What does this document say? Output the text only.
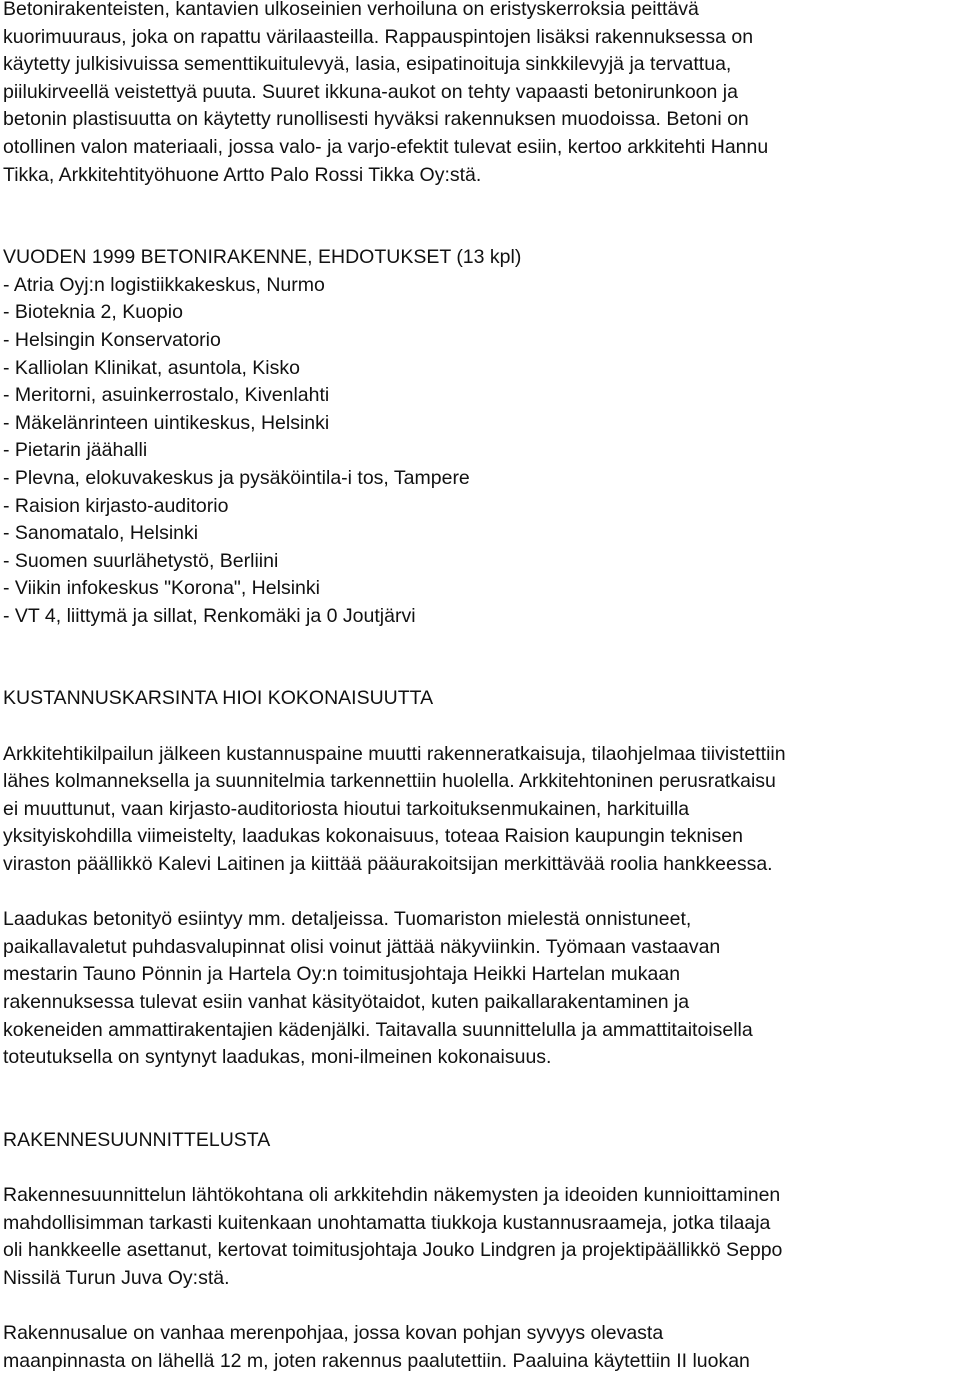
Betonirakenteisten, kantavien ulkoseinien verhoiluna on eristyskerroksia peittävä
kuorimuuraus, joka on rapattu värilaasteilla. Rappauspintojen lisäksi rakennuksessa on
käytetty julkisivuissa sementtikuitulevyä, lasia, esipatinoituja sinkkilevyjä ja tervattua,
piilukirveellä veistettyä puuta. Suuret ikkuna-aukot on tehty vapaasti betonirunkoon ja
betonin plastisuutta on käytetty runollisesti hyväksi rakennuksen muodoissa. Betoni on
otollinen valon materiaali, jossa valo- ja varjo-efektit tulevat esiin, kertoo arkkitehti Hannu
Tikka, Arkkitehtityöhuone Artto Palo Rossi Tikka Oy:stä.

VUODEN 1999 BETONIRAKENNE, EHDOTUKSET (13 kpl)

- Atria Oyj:n logistiikkakeskus, Nurmo
- Bioteknia 2, Kuopio
- Helsingin Konservatorio
- Kalliolan Klinikat, asuntola, Kisko
- Meritorni, asuinkerrostalo, Kivenlahti
- Mäkelänrinteen uintikeskus, Helsinki
- Pietarin jäähalli
- Plevna, elokuvakeskus ja pysäköintila-i tos, Tampere
- Raision kirjasto-auditorio
- Sanomatalo, Helsinki
- Suomen suurlähetystö, Berliini
- Viikin infokeskus "Korona", Helsinki
- VT 4, liittymä ja sillat, Renkomäki ja 0 Joutjärvi
KUSTANNUSKARSINTA HIOI KOKONAISUUTTA

Arkkitehtikilpailun jälkeen kustannuspaine muutti rakenneratkaisuja, tilaohjelmaa tiivistettiin
lähes kolmanneksella ja suunnitelmia tarkennettiin huolella. Arkkitehtoninen perusratkaisu
ei muuttunut, vaan kirjasto-auditoriosta hioutui tarkoituksenmukainen, harkituilla
yksityiskohdilla viimeistelty, laadukas kokonaisuus, toteaa Raision kaupungin teknisen
viraston päällikkö Kalevi Laitinen ja kiittää pääurakoitsijan merkittävää roolia hankkeessa.

Laadukas betonityö esiintyy mm. detaljeissa. Tuomariston mielestä onnistuneet,
paikallavaletut puhdasvalupinnat olisi voinut jättää näkyviinkin. Työmaan vastaavan
mestarin Tauno Pönnin ja Hartela Oy:n toimitusjohtaja Heikki Hartelan mukaan
rakennuksessa tulevat esiin vanhat käsityötaidot, kuten paikallarakentaminen ja
kokeneiden ammattirakentajien kädenjälki. Taitavalla suunnittelulla ja ammattitaitoisella
toteutuksella on syntynyt laadukas, moni-ilmeinen kokonaisuus.

RAKENNESUUNNITTELUSTA

Rakennesuunnittelun lähtökohtana oli arkkitehdin näkemysten ja ideoiden kunnioittaminen
mahdollisimman tarkasti kuitenkaan unohtamatta tiukkoja kustannusraameja, jotka tilaaja
oli hankkeelle asettanut, kertovat toimitusjohtaja Jouko Lindgren ja projektipäällikkö Seppo
Nissilä Turun Juva Oy:stä.

Rakennusalue on vanhaa merenpohjaa, jossa kovan pohjan syvyys olevasta
maanpinnasta on lähellä 12 m, joten rakennus paalutettiin. Paaluina käytettiin II luokan
